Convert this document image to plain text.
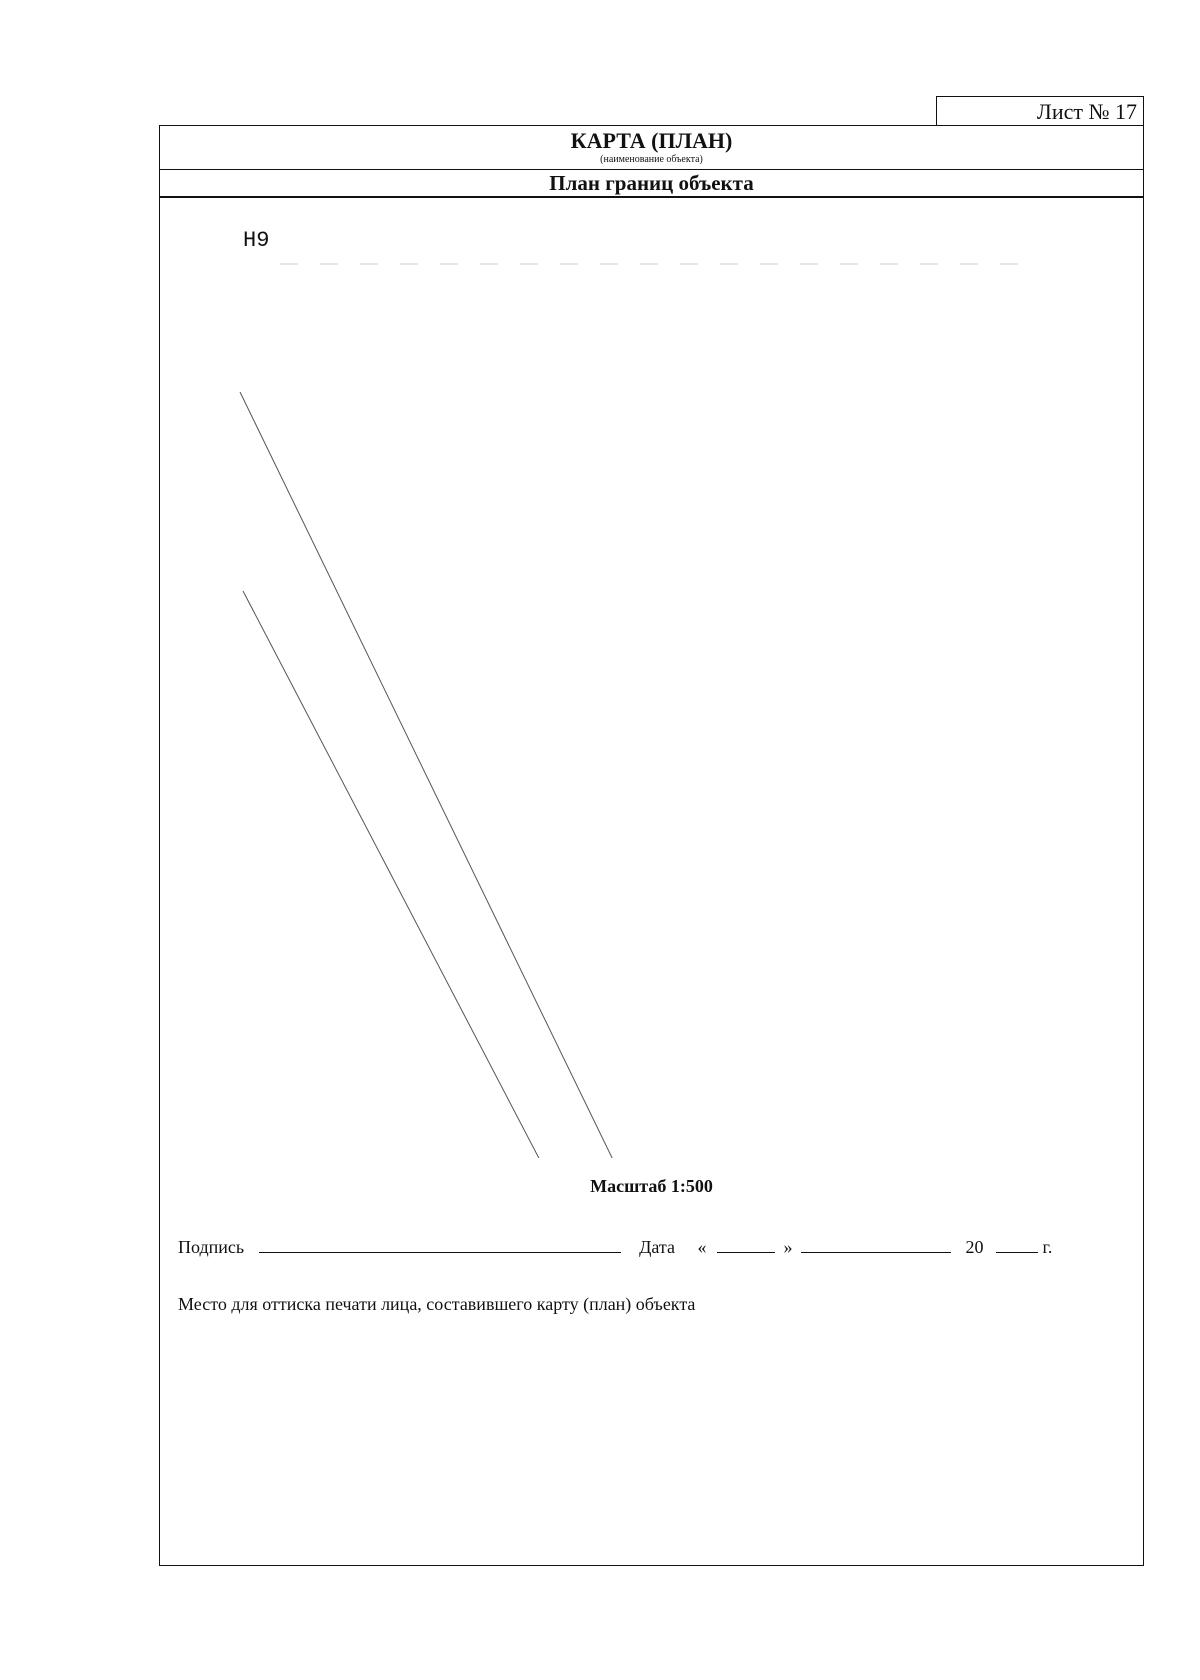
Лист № 17
КАРТА (ПЛАН)
(наименование объекта)
План границ объекта
Н9
Масштаб 1:500
Подпись	Дата «	»	20	г.
Место для оттиска печати лица, составившего карту (план) объекта
